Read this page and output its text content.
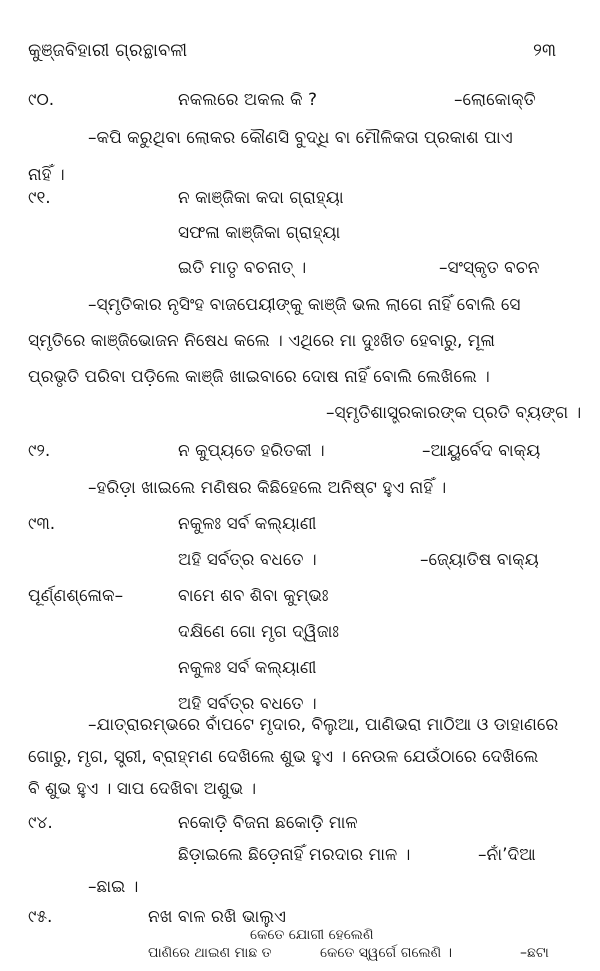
କୁଞ୍ଜବିହାରୀ ଗ୍ରନ୍ଥାବଳୀ	୨୩
୯୦.	ନକଲରେ ଅକଲ କି ?	–ଲୋକୋକ୍ତି
–କପି କରୁଥିବା ଲୋକର କୌଣସି ବୁଦ୍ଧି ବା ମୌଳିକତା ପ୍ରକାଶ ପାଏ
ନାହିଁ ।
୯୧.	ନ କାଞ୍ଜିକା କଦା ଗ୍ରାହ୍ୟା
ସଫଳା କାଞ୍ଜିକା ଗ୍ରାହ୍ୟା
ଇତି ମାତୃ ବଚନାତ୍ ।	–ସଂସ୍କୃତ ବଚନ
–ସ୍ମୃତିକାର ନୃସିଂହ ବାଜପେୟୀଙ୍କୁ କାଞ୍ଜି ଭଲ ଲାଗେ ନାହିଁ ବୋଲି ସେ
ସ୍ମୃତିରେ କାଞ୍ଜିଭୋଜନ ନିଷେଧ କଲେ । ଏଥିରେ ମା ଦୁଃଖିତ ହେବାରୁ, ମୂଳା
ପ୍ରଭୃତି ପରିବା ପଡ଼ିଲେ କାଞ୍ଜି ଖାଇବାରେ ଦୋଷ ନାହିଁ ବୋଲି ଲେଖିଲେ ।
–ସ୍ମୃତିଶାସ୍ତ୍ରକାରଙ୍କ ପ୍ରତି ବ୍ୟଙ୍ଗ ।
୯୨.	ନ କୁପ୍ୟତେ ହରିତକୀ ।	–ଆୟୁର୍ବେଦ ବାକ୍ୟ
–ହରିଡ଼ା ଖାଇଲେ ମଣିଷର କିଛିହେଲେ ଅନିଷ୍ଟ ହୁଏ ନାହିଁ ।
୯୩.	ନକୁଳଃ ସର୍ବ କଲ୍ୟାଣୀ
ଅହି ସର୍ବତ୍ର ବଧତେ ।	–ଜ୍ୟୋତିଷ ବାକ୍ୟ
ପୂର୍ଣ୍ଣଶ୍ଳୋକ–	ବାମେ ଶବ ଶିବା କୁମ୍ଭଃ
ଦକ୍ଷିଣେ ଗୋ ମୃଗ ଦ୍ୱିଜାଃ
ନକୁଳଃ ସର୍ବ କଲ୍ୟାଣୀ
ଅହି ସର୍ବତ୍ର ବଧତେ ।
–ଯାତ୍ରାରମ୍ଭରେ ବାଁପଟେ ମୃଦାର, ବିଲୁଆ, ପାଣିଭରା ମାଠିଆ ଓ ଡାହାଣରେ
ଗୋରୁ, ମୃଗ, ସ୍ତ୍ରୀ, ବ୍ରାହ୍ମଣ ଦେଖିଲେ ଶୁଭ ହୁଏ । ନେଉଳ ଯେଉଁଠାରେ ଦେଖିଲେ
ବି ଶୁଭ ହୁଏ । ସାପ ଦେଖିବା ଅଶୁଭ ।
୯୪.	ନକୋଡ଼ି ବିଜନା ଛକୋଡ଼ି ମାଳ
ଛିଡ଼ାଇଲେ ଛିଡ଼େନାହିଁ ମରଦାର ମାଳ ।	–ନାଁ’ଦିଆ
–ଛାଇ ।
୯୫.	ନଖ ବାଳ ରଖି ଭାଲୁଏ
କେତେ ଯୋଗୀ ହେଲେଣି
ପାଣିରେ ଥାଇଣ ମାଛ ତ	କେତେ ସ୍ୱର୍ଗେ ଗଲେଣି ।	–ଛଟା
